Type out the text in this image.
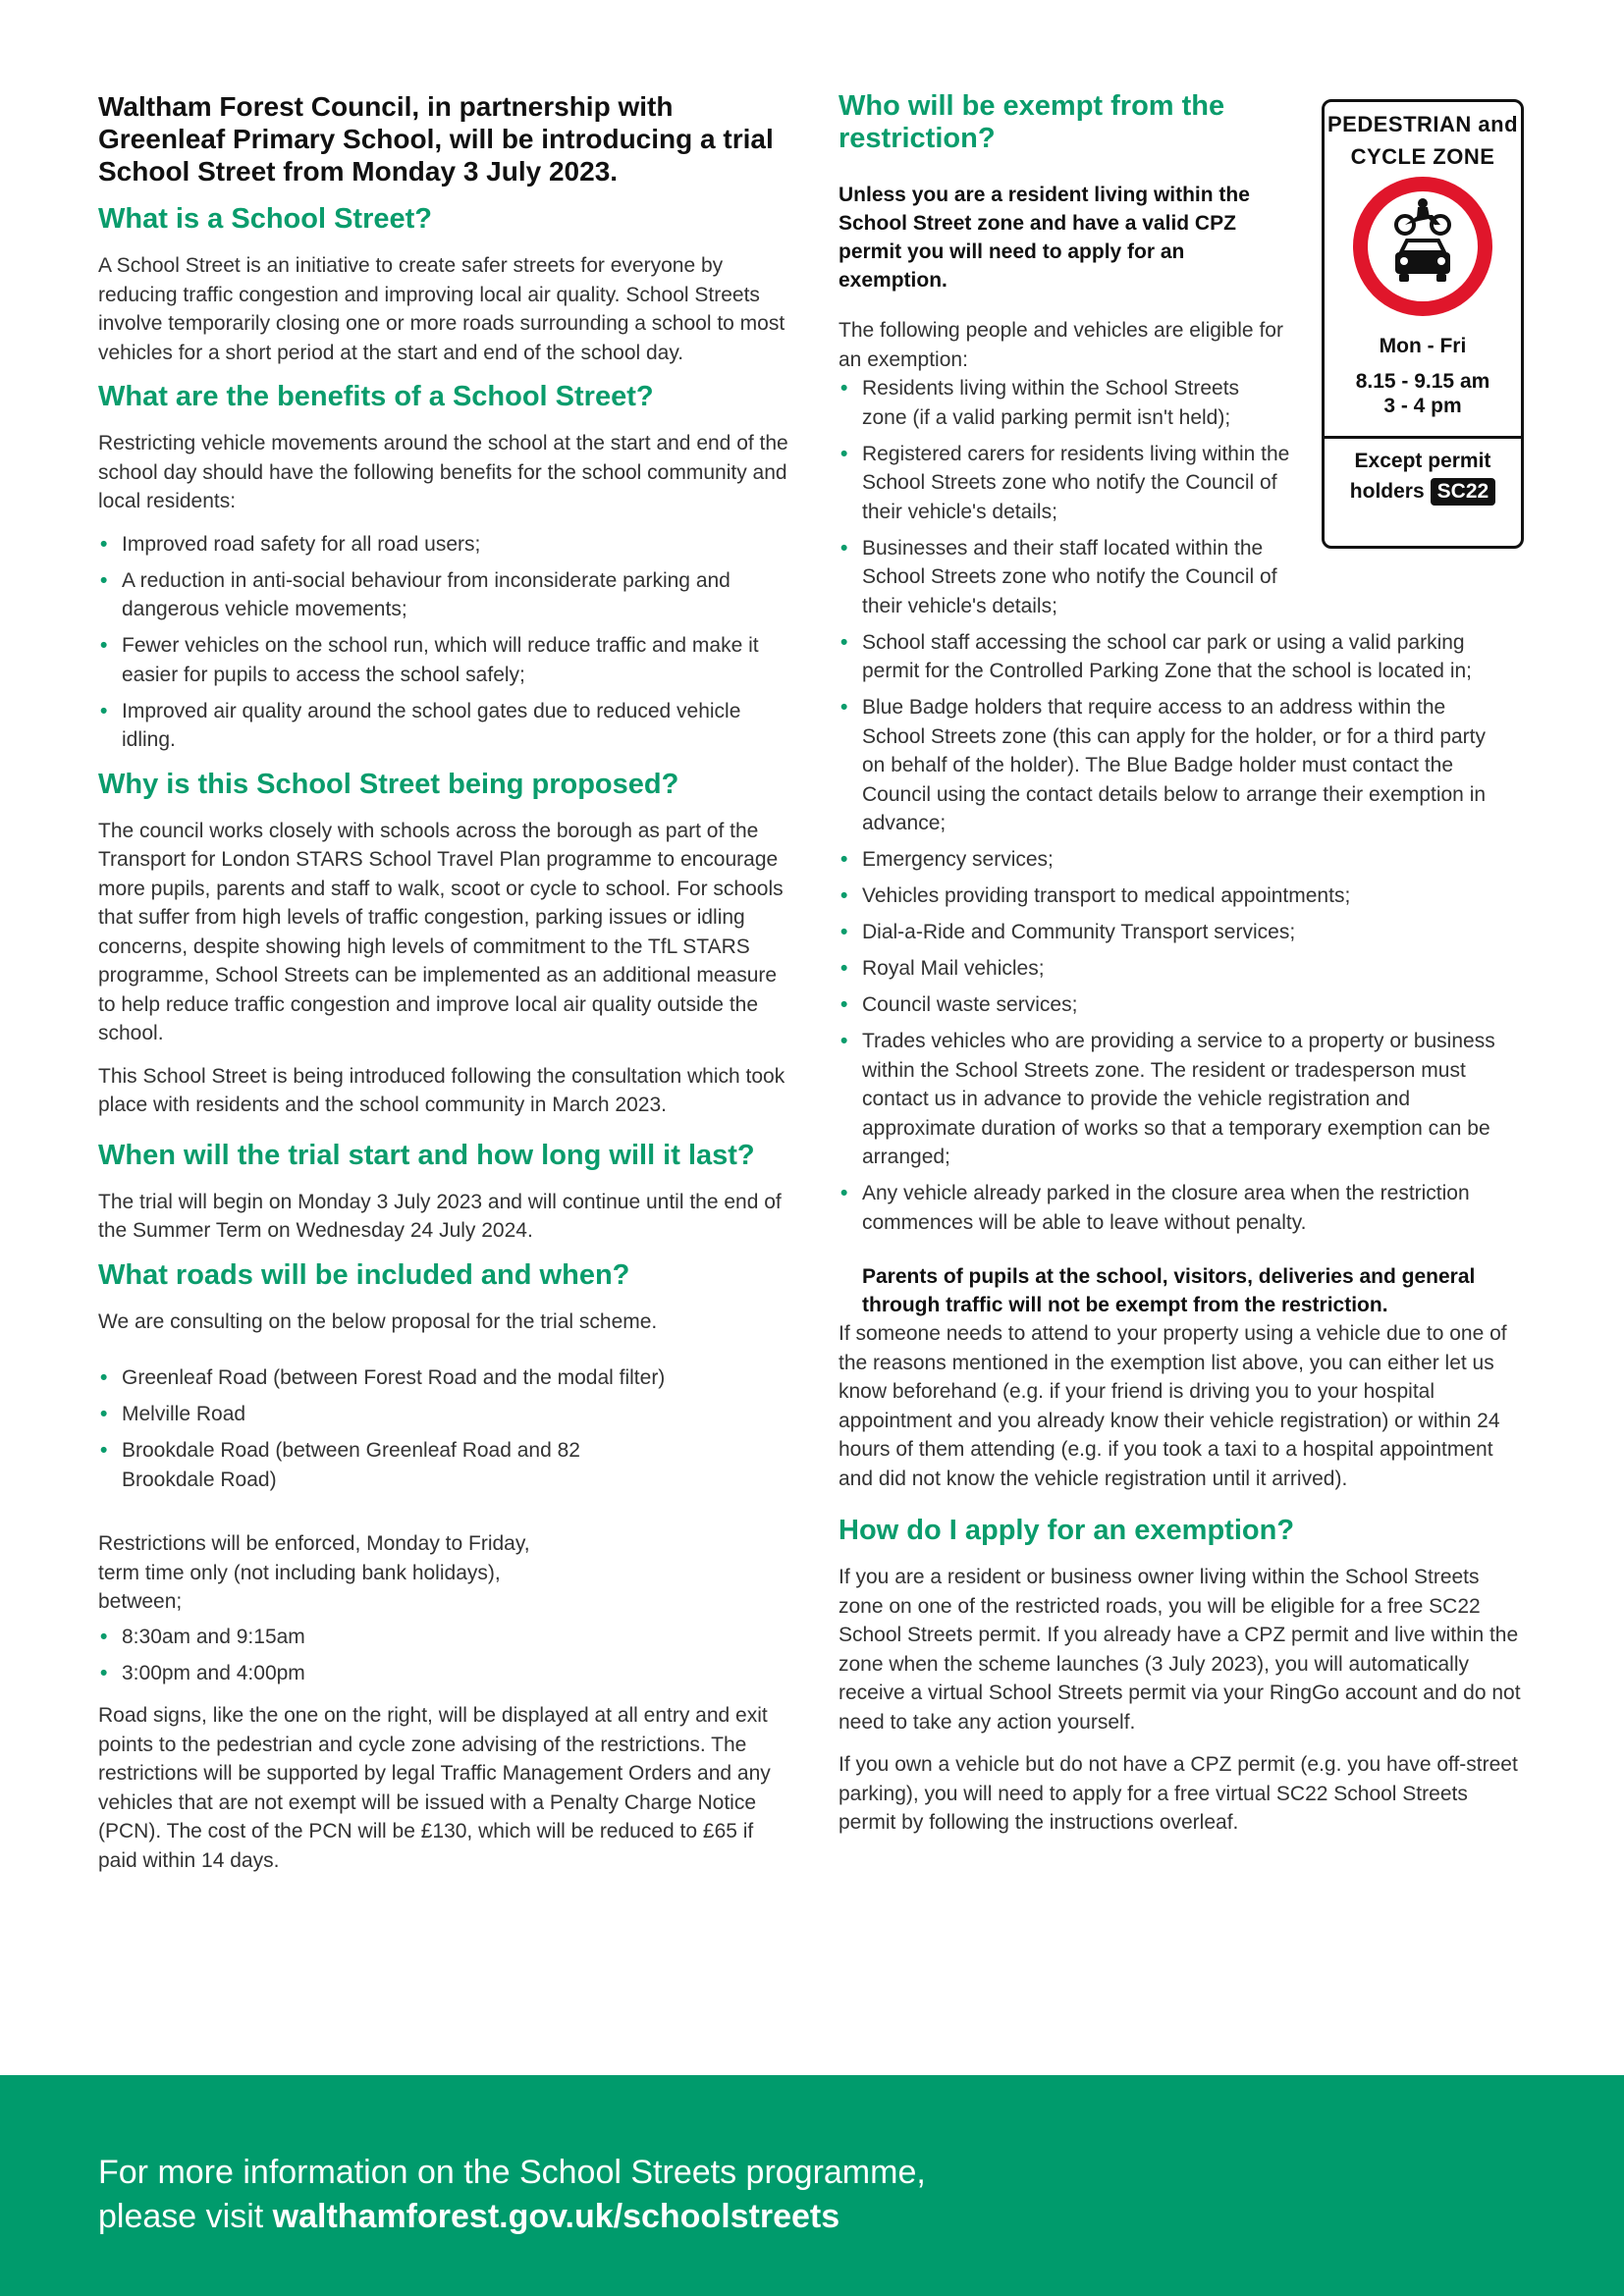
Waltham Forest Council, in partnership with Greenleaf Primary School, will be introducing a trial School Street from Monday 3 July 2023.
What is a School Street?

A School Street is an initiative to create safer streets for everyone by reducing traffic congestion and improving local air quality. School Streets involve temporarily closing one or more roads surrounding a school to most vehicles for a short period at the start and end of the school day.

What are the benefits of a School Street?

Restricting vehicle movements around the school at the start and end of the school day should have the following benefits for the school community and local residents:

• Improved road safety for all road users;
• A reduction in anti-social behaviour from inconsiderate parking and dangerous vehicle movements;
• Fewer vehicles on the school run, which will reduce traffic and make it easier for pupils to access the school safely;
• Improved air quality around the school gates due to reduced vehicle idling.
Why is this School Street being proposed?

The council works closely with schools across the borough as part of the Transport for London STARS School Travel Plan programme to encourage more pupils, parents and staff to walk, scoot or cycle to school. For schools that suffer from high levels of traffic congestion, parking issues or idling concerns, despite showing high levels of commitment to the TfL STARS programme, School Streets can be implemented as an additional measure to help reduce traffic congestion and improve local air quality outside the school.

This School Street is being introduced following the consultation which took place with residents and the school community in March 2023.

When will the trial start and how long will it last?

The trial will begin on Monday 3 July 2023 and will continue until the end of the Summer Term on Wednesday 24 July 2024.

What roads will be included and when?

We are consulting on the below proposal for the trial scheme.

• Greenleaf Road (between Forest Road and the modal filter)
• Melville Road
• Brookdale Road (between Greenleaf Road and 82 Brookdale Road)

Restrictions will be enforced, Monday to Friday, term time only (not including bank holidays), between;

• 8:30am and 9:15am
• 3:00pm and 4:00pm

Road signs, like the one on the right, will be displayed at all entry and exit points to the pedestrian and cycle zone advising of the restrictions. The restrictions will be supported by legal Traffic Management Orders and any vehicles that are not exempt will be issued with a Penalty Charge Notice (PCN). The cost of the PCN will be £130, which will be reduced to £65 if paid within 14 days.

Who will be exempt from the restriction?
Unless you are a resident living within the School Street zone and have a valid CPZ permit you will need to apply for an exemption.

The following people and vehicles are eligible for an exemption:

• Residents living within the School Streets zone (if a valid parking permit isn't held);
• Registered carers for residents living within the School Streets zone who notify the Council of their vehicle's details;
• Businesses and their staff located within the School Streets zone who notify the Council of their vehicle's details;
• School staff accessing the school car park or using a valid parking permit for the Controlled Parking Zone that the school is located in;
• Blue Badge holders that require access to an address within the School Streets zone (this can apply for the holder, or for a third party on behalf of the holder). The Blue Badge holder must contact the Council using the contact details below to arrange their exemption in advance;
• Emergency services;
• Vehicles providing transport to medical appointments;
• Dial-a-Ride and Community Transport services;
• Royal Mail vehicles;
• Council waste services;
• Trades vehicles who are providing a service to a property or business within the School Streets zone. The resident or tradesperson must contact us in advance to provide the vehicle registration and approximate duration of works so that a temporary exemption can be arranged;
• Any vehicle already parked in the closure area when the restriction commences will be able to leave without penalty.
Parents of pupils at the school, visitors, deliveries and general through traffic will not be exempt from the restriction.

If someone needs to attend to your property using a vehicle due to one of the reasons mentioned in the exemption list above, you can either let us know beforehand (e.g. if your friend is driving you to your hospital appointment and you already know their vehicle registration) or within 24 hours of them attending (e.g. if you took a taxi to a hospital appointment and did not know the vehicle registration until it arrived).

How do I apply for an exemption?

If you are a resident or business owner living within the School Streets zone on one of the restricted roads, you will be eligible for a free SC22 School Streets permit. If you already have a CPZ permit and live within the zone when the scheme launches (3 July 2023), you will automatically receive a virtual School Streets permit via your RingGo account and do not need to take any action yourself.

If you own a vehicle but do not have a CPZ permit (e.g. you have off-street parking), you will need to apply for a free virtual SC22 School Streets permit by following the instructions overleaf.

PEDESTRIAN and CYCLE ZONE
Mon - Fri
8.15 - 9.15 am
3 - 4 pm
Except permit
holders SC22
For more information on the School Streets programme,
please visit walthamforest.gov.uk/schoolstreets
